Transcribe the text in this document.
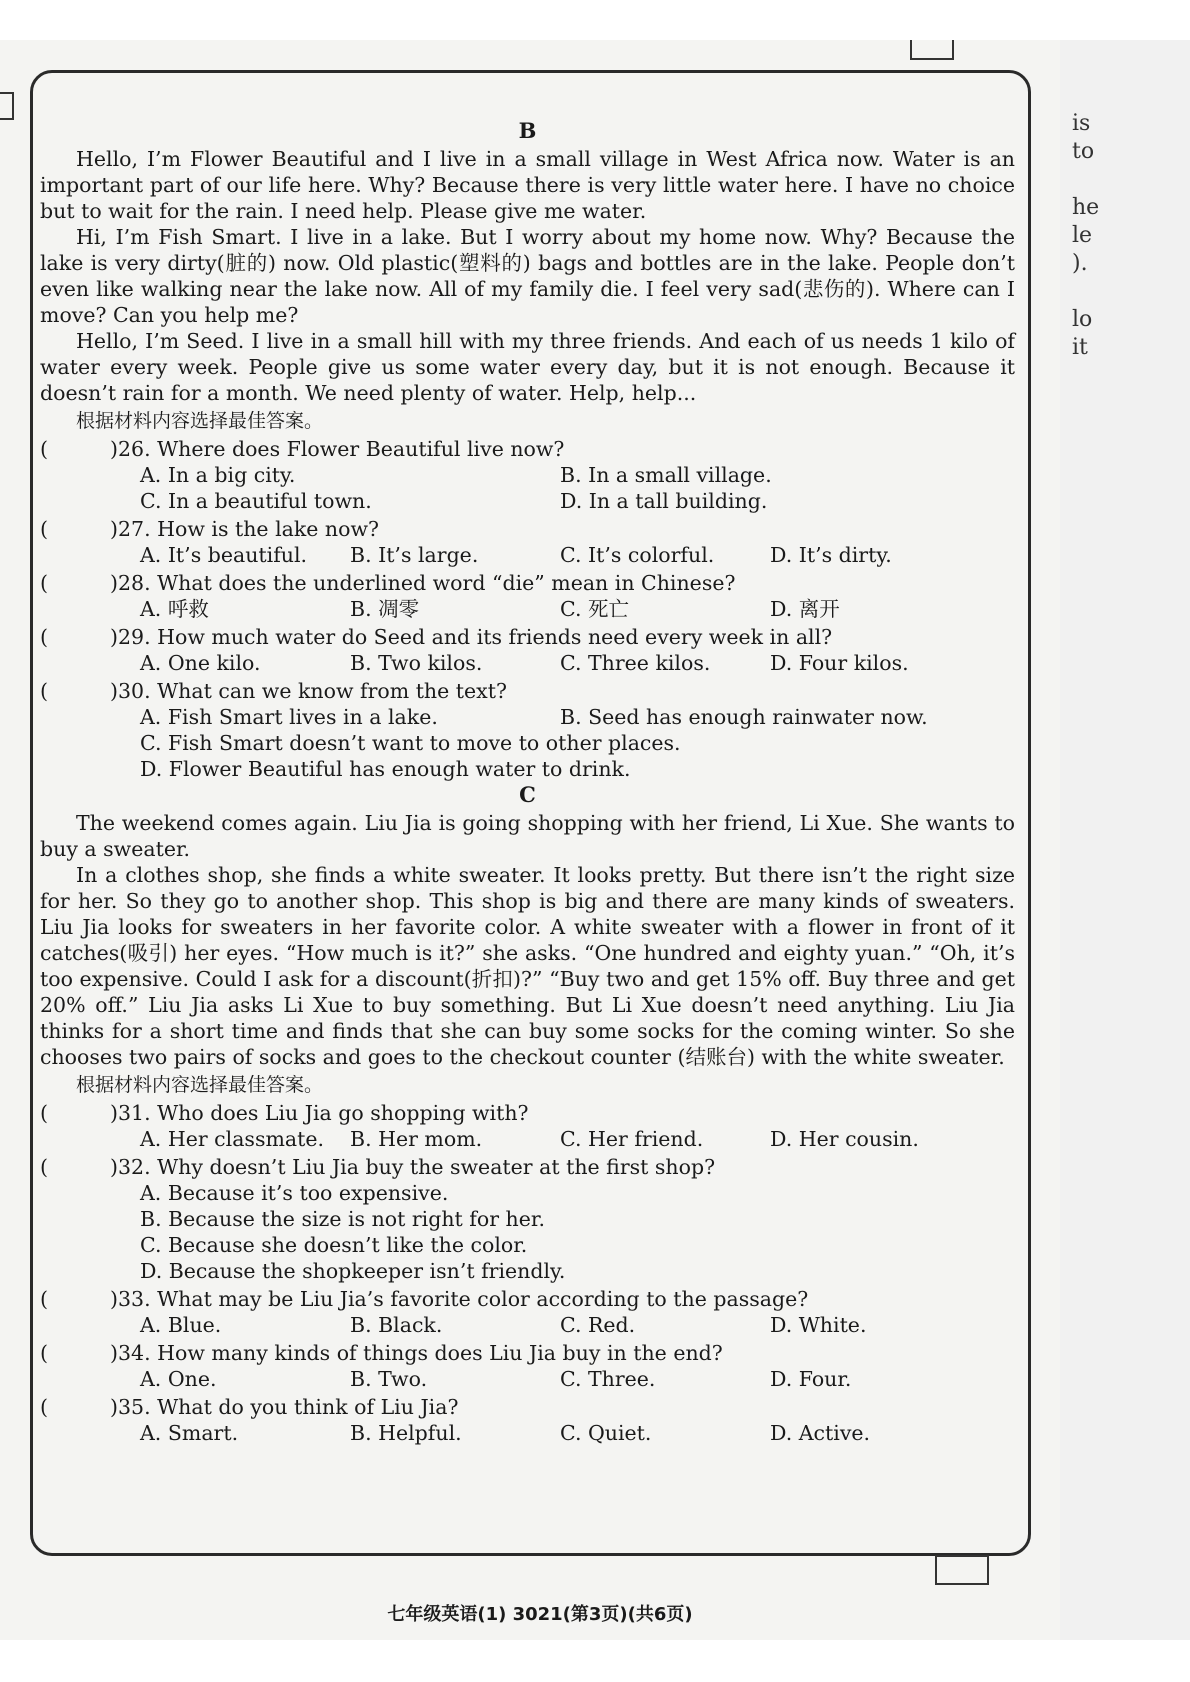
is
to
he
le
).
lo
it
B

Hello, I’m Flower Beautiful and I live in a small village in West Africa now. Water is an important part of our life here. Why? Because there is very little water here. I have no choice but to wait for the rain. I need help. Please give me water.

Hi, I’m Fish Smart. I live in a lake. But I worry about my home now. Why? Because the lake is very dirty(脏的) now. Old plastic(塑料的) bags and bottles are in the lake. People don’t even like walking near the lake now. All of my family die. I feel very sad(悲伤的). Where can I move? Can you help me?

Hello, I’m Seed. I live in a small hill with my three friends. And each of us needs 1 kilo of water every week. People give us some water every day, but it is not enough. Because it doesn’t rain for a month. We need plenty of water. Help, help...

根据材料内容选择最佳答案。
(	)26. Where does Flower Beautiful live now?
A. In a big city.	B. In a small village.
C. In a beautiful town.	D. In a tall building.
(	)27. How is the lake now?
A. It’s beautiful.	B. It’s large.	C. It’s colorful.	D. It’s dirty.
(	)28. What does the underlined word “die” mean in Chinese?
A. 呼救	B. 凋零	C. 死亡	D. 离开
(	)29. How much water do Seed and its friends need every week in all?
A. One kilo.	B. Two kilos.	C. Three kilos.	D. Four kilos.
(	)30. What can we know from the text?
A. Fish Smart lives in a lake.	B. Seed has enough rainwater now.
C. Fish Smart doesn’t want to move to other places.
D. Flower Beautiful has enough water to drink.
C

The weekend comes again. Liu Jia is going shopping with her friend, Li Xue. She wants to buy a sweater.

In a clothes shop, she finds a white sweater. It looks pretty. But there isn’t the right size for her. So they go to another shop. This shop is big and there are many kinds of sweaters. Liu Jia looks for sweaters in her favorite color. A white sweater with a flower in front of it catches(吸引) her eyes. “How much is it?” she asks. “One hundred and eighty yuan.” “Oh, it’s too expensive. Could I ask for a discount(折扣)?” “Buy two and get 15% off. Buy three and get 20% off.” Liu Jia asks Li Xue to buy something. But Li Xue doesn’t need anything. Liu Jia thinks for a short time and finds that she can buy some socks for the coming winter. So she chooses two pairs of socks and goes to the checkout counter (结账台) with the white sweater.

根据材料内容选择最佳答案。
(	)31. Who does Liu Jia go shopping with?
A. Her classmate.	B. Her mom.	C. Her friend.	D. Her cousin.
(	)32. Why doesn’t Liu Jia buy the sweater at the first shop?
A. Because it’s too expensive.
B. Because the size is not right for her.
C. Because she doesn’t like the color.
D. Because the shopkeeper isn’t friendly.
(	)33. What may be Liu Jia’s favorite color according to the passage?
A. Blue.	B. Black.	C. Red.	D. White.
(	)34. How many kinds of things does Liu Jia buy in the end?
A. One.	B. Two.	C. Three.	D. Four.
(	)35. What do you think of Liu Jia?
A. Smart.	B. Helpful.	C. Quiet.	D. Active.
七年级英语(1) 3021(第3页)(共6页)
